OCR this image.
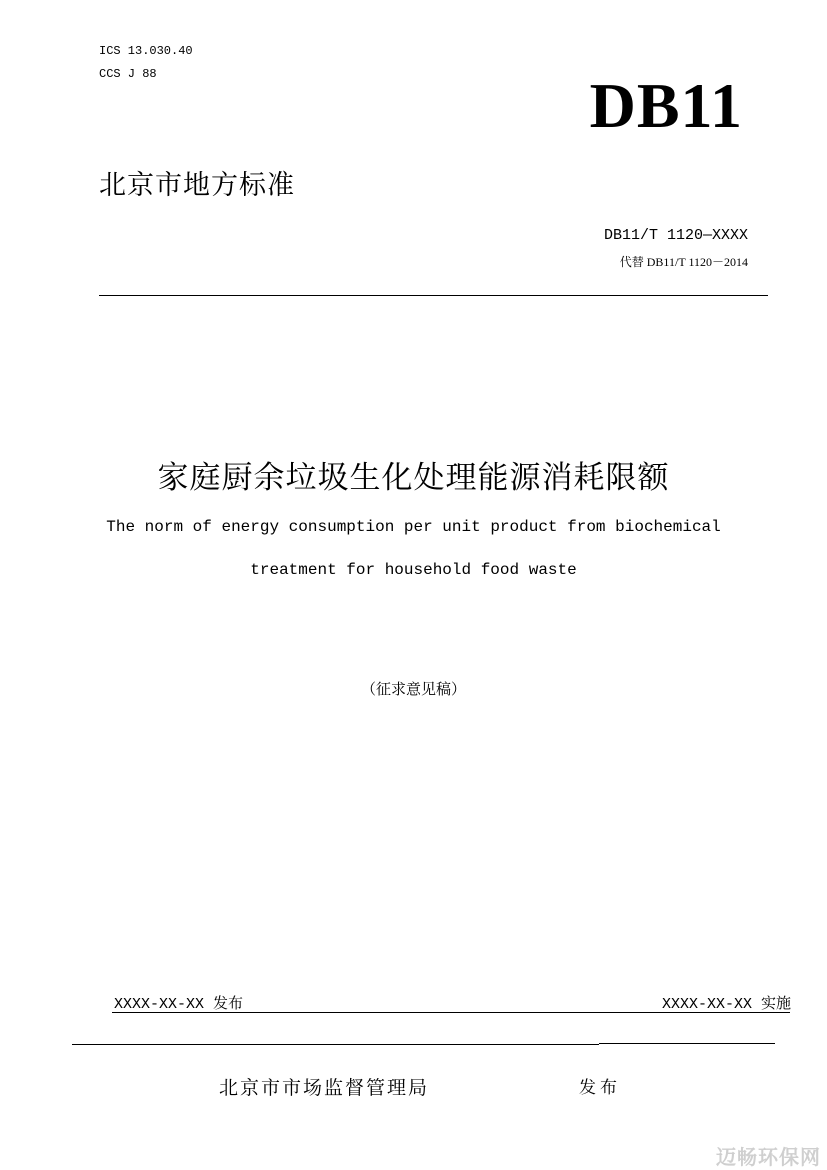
ICS 13.030.40
CCS J 88	DB11
北京市地方标准
DB11/T 1120—XXXX
代替 DB11/T 1120－2014
家庭厨余垃圾生化处理能源消耗限额
The norm of energy consumption per unit product from biochemical
treatment for household food waste
（征求意见稿）
XXXX-XX-XX 发布	XXXX-XX-XX 实施
北京市市场监督管理局	发布
迈畅环保网
